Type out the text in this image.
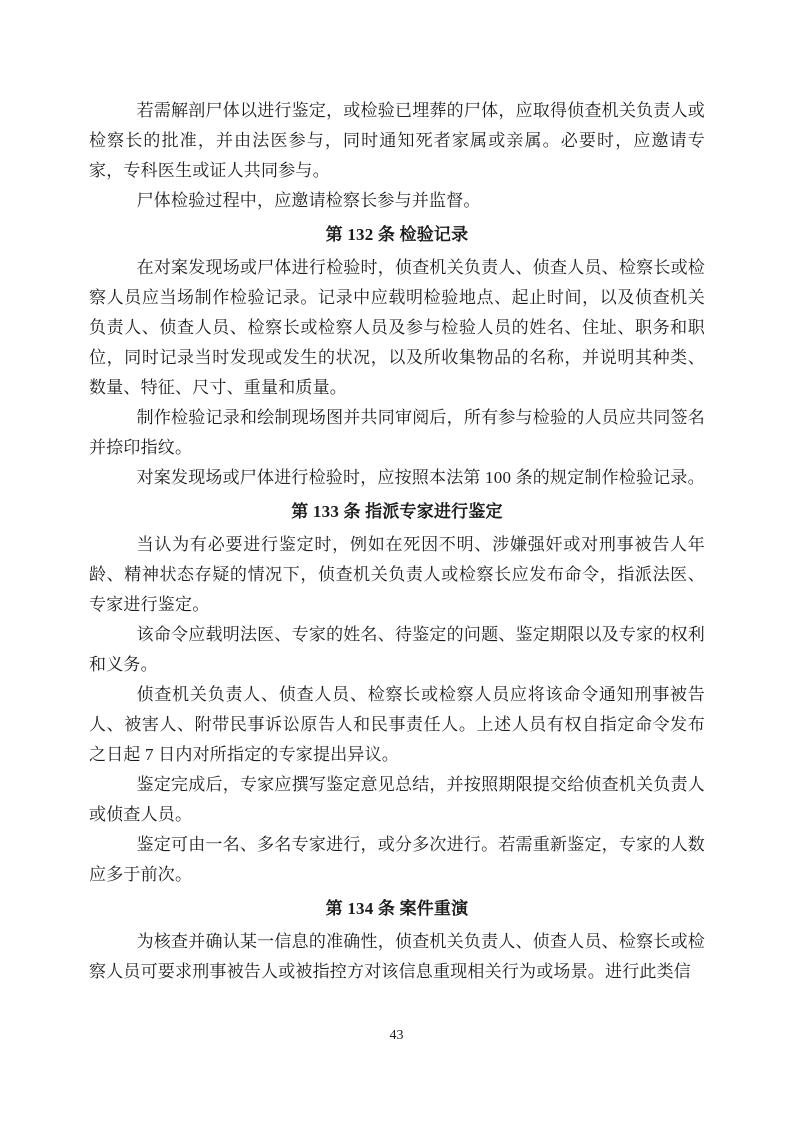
若需解剖尸体以进行鉴定，或检验已埋葬的尸体，应取得侦查机关负责人或检察长的批准，并由法医参与，同时通知死者家属或亲属。必要时，应邀请专家，专科医生或证人共同参与。

尸体检验过程中，应邀请检察长参与并监督。

第 132 条 检验记录

在对案发现场或尸体进行检验时，侦查机关负责人、侦查人员、检察长或检察人员应当场制作检验记录。记录中应载明检验地点、起止时间，以及侦查机关负责人、侦查人员、检察长或检察人员及参与检验人员的姓名、住址、职务和职位，同时记录当时发现或发生的状况，以及所收集物品的名称，并说明其种类、数量、特征、尺寸、重量和质量。

制作检验记录和绘制现场图并共同审阅后，所有参与检验的人员应共同签名并捺印指纹。

对案发现场或尸体进行检验时，应按照本法第 100 条的规定制作检验记录。

第 133 条 指派专家进行鉴定

当认为有必要进行鉴定时，例如在死因不明、涉嫌强奸或对刑事被告人年龄、精神状态存疑的情况下，侦查机关负责人或检察长应发布命令，指派法医、专家进行鉴定。

该命令应载明法医、专家的姓名、待鉴定的问题、鉴定期限以及专家的权利和义务。

侦查机关负责人、侦查人员、检察长或检察人员应将该命令通知刑事被告人、被害人、附带民事诉讼原告人和民事责任人。上述人员有权自指定命令发布之日起 7 日内对所指定的专家提出异议。

鉴定完成后，专家应撰写鉴定意见总结，并按照期限提交给侦查机关负责人或侦查人员。

鉴定可由一名、多名专家进行，或分多次进行。若需重新鉴定，专家的人数应多于前次。

第 134 条 案件重演

为核查并确认某一信息的准确性，侦查机关负责人、侦查人员、检察长或检察人员可要求刑事被告人或被指控方对该信息重现相关行为或场景。进行此类信

43
